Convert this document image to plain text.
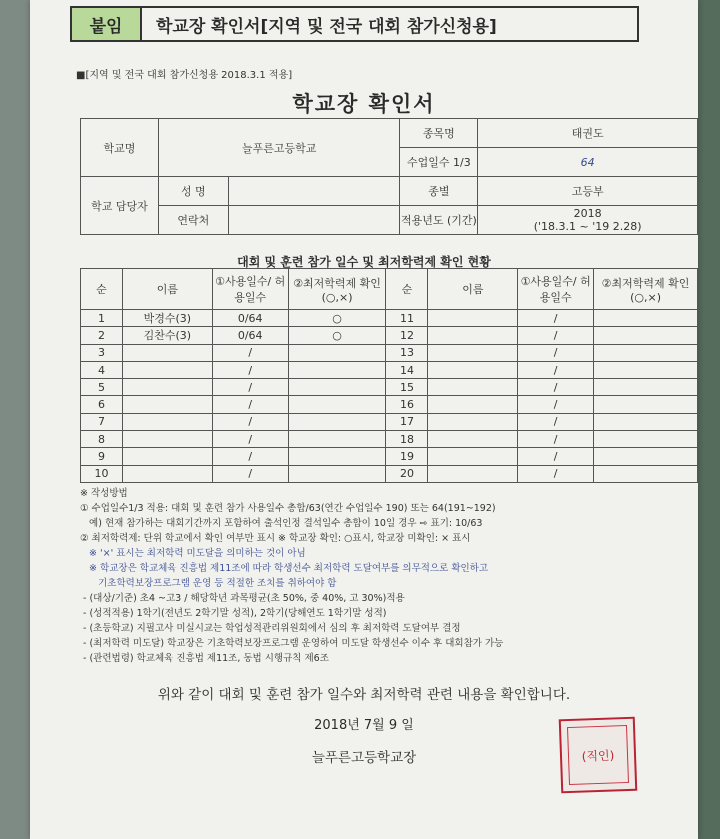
붙임	학교장 확인서[지역 및 전국 대회 참가신청용]
■[지역 및 전국 대회 참가신청용 2018.3.1 적용]
학교장 확인서
학교명	늘푸른고등학교		종목명	태권도
			수업일수 1/3	64
학교 담당자	성 명		종별	고등부
	연락처		적용년도 (기간)	2018
('18.3.1 ~ '19 2.28)
대회 및 훈련 참가 일수 및 최저학력제 확인 현황
순	이름	①사용일수/ 허용일수	②최저학력제 확인(○,×)	순	이름	①사용일수/ 허용일수	②최저학력제 확인(○,×)
1	박경수(3)	0/64	○	11		/	
2	김찬수(3)	0/64	○	12		/	
3		/		13		/	
4		/		14		/	
5		/		15		/	
6		/		16		/	
7		/		17		/	
8		/		18		/	
9		/		19		/	
10		/		20		/	
※ 작성방법
① 수업일수1/3 적용: 대회 및 훈련 참가 사용일수 총합/63(연간 수업일수 190) 또는 64(191~192)
예) 현재 참가하는 대회기간까지 포함하여 출석인정 결석일수 총합이 10일 경우 ⇨ 표기: 10/63
② 최저학력제: 단위 학교에서 확인 여부만 표시 ※ 학교장 확인: ○표시, 학교장 미확인: × 표시
※ '×' 표시는 최저학력 미도달을 의미하는 것이 아님
※ 학교장은 학교체육 진흥법 제11조에 따라 학생선수 최저학력 도달여부를 의무적으로 확인하고
기초학력보장프로그램 운영 등 적절한 조치를 취하여야 함
- (대상/기준) 초4 ~고3 / 해당학년 과목평균(초 50%, 중 40%, 고 30%)적용
- (성적적용) 1학기(전년도 2학기말 성적), 2학기(당해연도 1학기말 성적)
- (초등학교) 지필고사 미실시교는 학업성적관리위원회에서 심의 후 최저학력 도달여부 결정
- (최저학력 미도달) 학교장은 기초학력보장프로그램 운영하여 미도달 학생선수 이수 후 대회참가 가능
- (관련법령) 학교체육 진흥법 제11조, 동법 시행규칙 제6조
위와 같이 대회 및 훈련 참가 일수와 최저학력 관련 내용을 확인합니다.
2018년 7월 9 일
늘푸른고등학교장	(직인)
